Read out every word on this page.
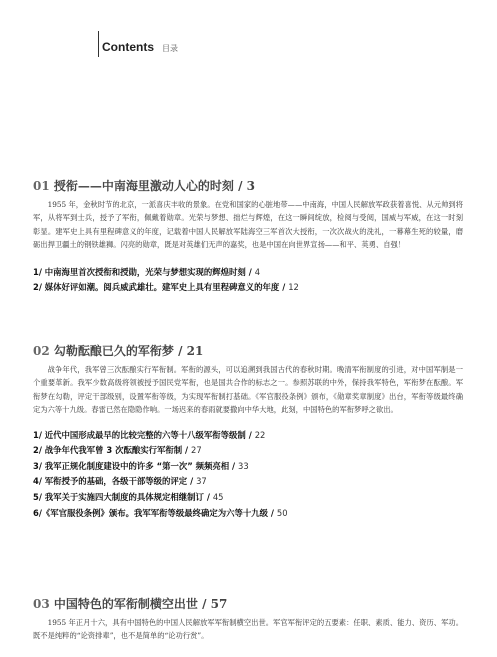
Contents 目录
01 授衔——中南海里激动人心的时刻 / 3

1955 年，金秋时节的北京，一派喜庆丰收的景象。在党和国家的心脏地带——中南海，中国人民解放军政获着喜悦、从元帅到将军，从将军到士兵，授予了军衔，佩戴着勋章。光荣与梦想、拙烂与辉煌，在这一瞬间绽放，检阅与受阅，国威与军威，在这一时刻彰显。建军史上具有里程碑意义的年度，记载着中国人民解放军陆海空三军首次大授衔，一次次战火的洗礼，一幕幕生死的较量，磨砺出捍卫疆土的钢铁雄狮。闪亮的勋章，既是对英雄们无声的嘉奖，也是中国在向世界宣扬——和平、英勇、自强！

1/ 中南海里首次授衔和授勋，光荣与梦想实现的辉煌时刻 / 4
2/ 媒体好评如潮。阅兵威武雄壮。建军史上具有里程碑意义的年度 / 12
02 勾勒酝酿已久的军衔梦 / 21

战争年代，我军曾三次酝酿实行军衔制。军衔的源头，可以追溯到我国古代的春秋时期。晚清军衔制度的引进，对中国军制是一个重要革新。我军少数高级将领被授予国民党军衔，也是国共合作的标志之一。参照苏联的中外，保持我军特色，军衔梦在酝酿。军衔梦在勾勒，评定干部级别，设置军衔等级，为实现军衔制打基础。《军官服役条例》颁布，《勋章奖章制度》出台，军衔等级最终确定为六等十九级。春雷已然在隐隐作响。一场迟来的春雨就要撒向中华大地，此刻，中国特色的军衔梦呼之欲出。

1/ 近代中国形成最早的比较完整的六等十八级军衔等级制 / 22
2/ 战争年代我军曾 3 次酝酿实行军衔制 / 27
3/ 我军正规化制度建设中的许多 “第一次” 频频亮相 / 33
4/ 军衔授予的基础，各级干部等级的评定 / 37
5/ 我军关于实施四大制度的具体规定相继制订 / 45
6/《军官服役条例》颁布。我军军衔等级最终确定为六等十九级 / 50
03 中国特色的军衔制横空出世 / 57

1955 年正月十六，具有中国特色的中国人民解放军军衔制横空出世。军官军衔评定的五要素：任职、素质、能力、资历、军功。既不是纯粹的“论资排辈”，也不是简单的“论功行赏”。
